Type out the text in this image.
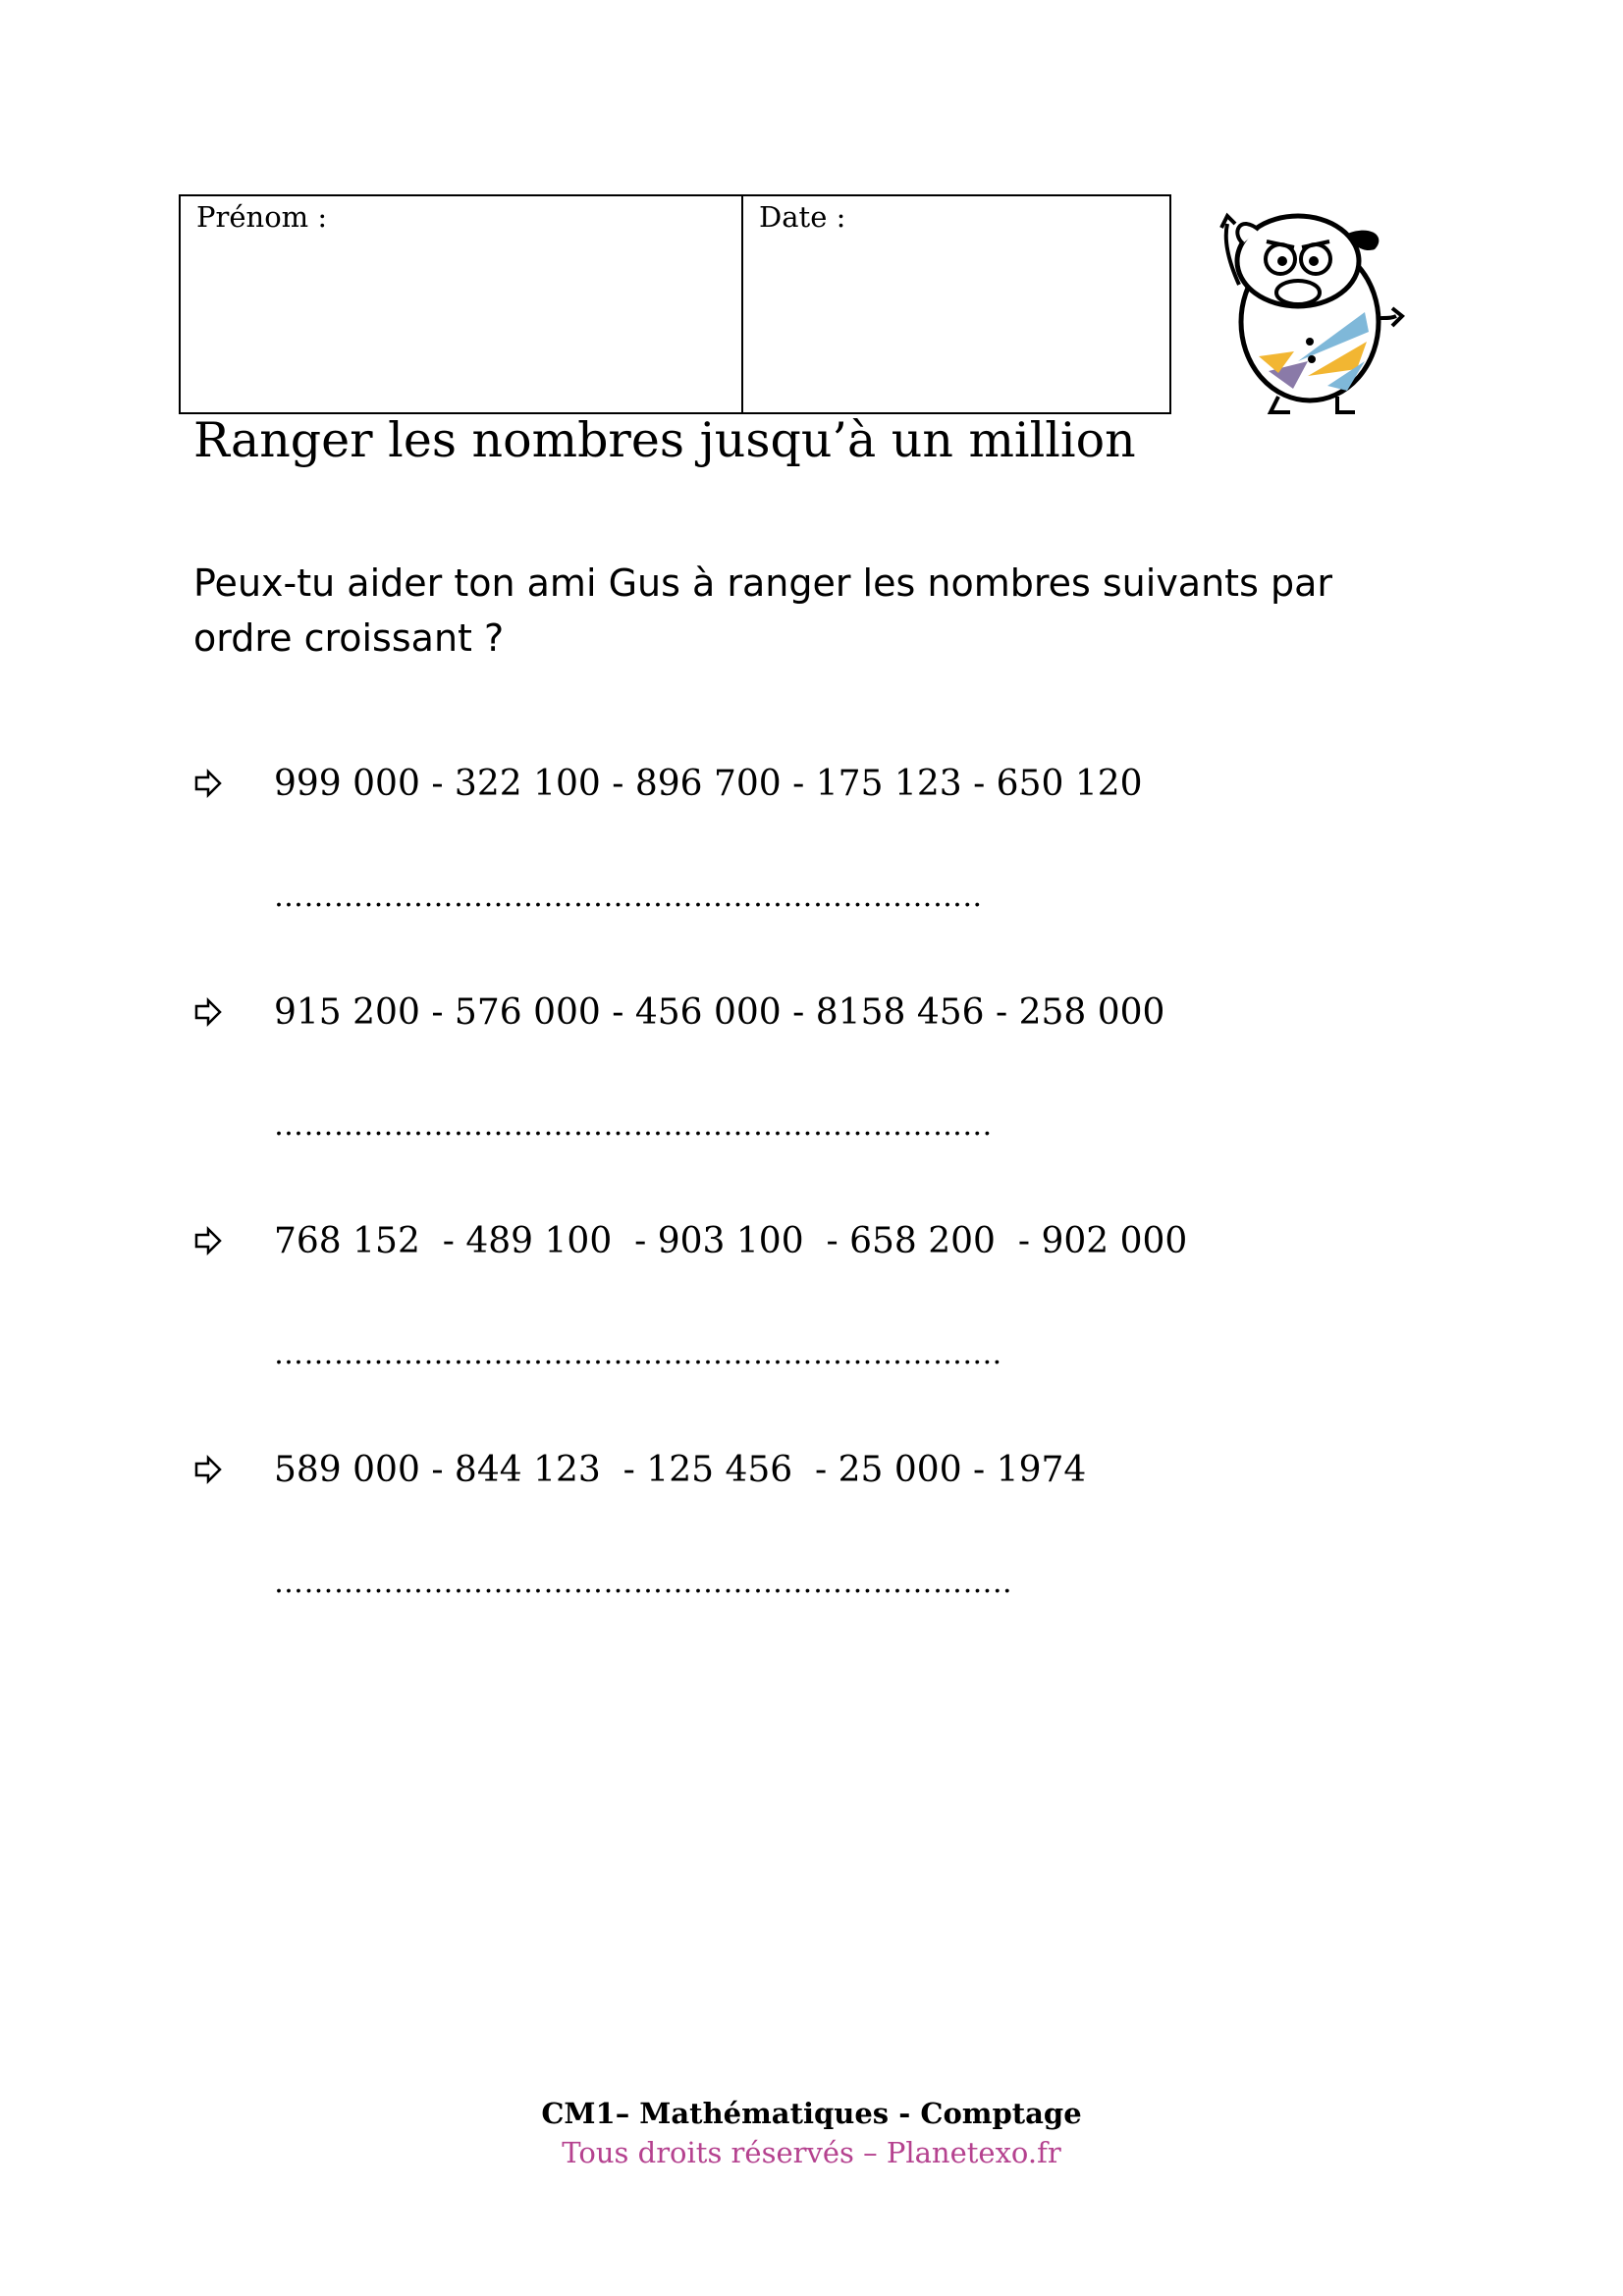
Prénom :	Date :
Ranger les nombres jusqu’à un million
Peux-tu aider ton ami Gus à ranger les nombres suivants par ordre croissant ?
999 000 - 322 100 - 896 700 - 175 123 - 650 120
……………………………………………………………..
915 200 - 576 000 - 456 000 - 8158 456 - 258 000
……………………………………………………………...
768 152  - 489 100  - 903 100  - 658 200  - 902 000
……………………………………………………………....
589 000 - 844 123  - 125 456  - 25 000 - 1974
………………………………………………………………..
CM1– Mathématiques - Comptage
Tous droits réservés – Planetexo.fr
